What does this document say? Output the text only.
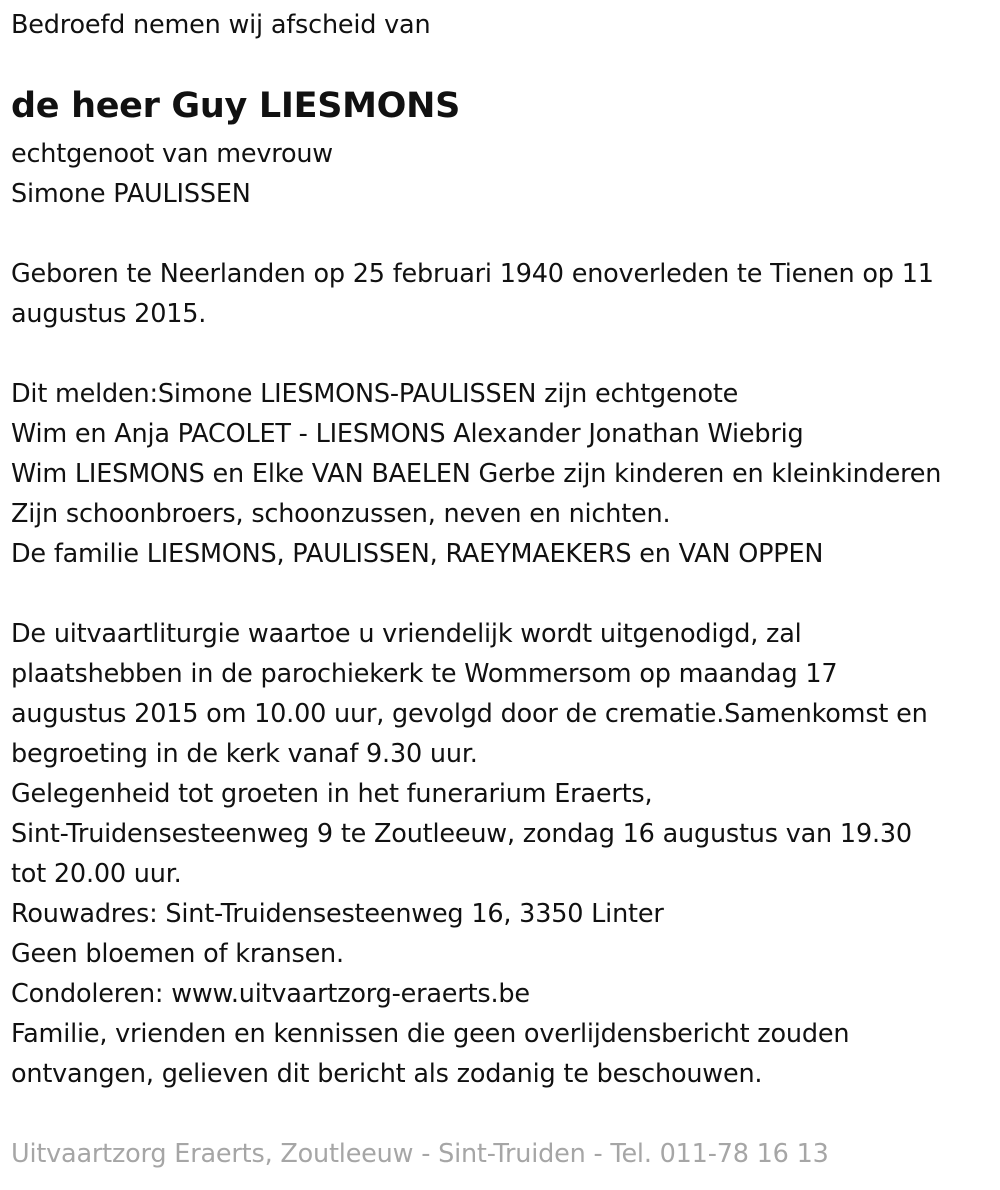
Bedroefd nemen wij afscheid van
de heer Guy LIESMONS
echtgenoot van mevrouw
Simone PAULISSEN
Geboren te Neerlanden op 25 februari 1940 enoverleden te Tienen op 11
augustus 2015.
Dit melden:Simone LIESMONS-PAULISSEN zijn echtgenote
Wim en Anja PACOLET - LIESMONS Alexander Jonathan Wiebrig
Wim LIESMONS en Elke VAN BAELEN Gerbe zijn kinderen en kleinkinderen
Zijn schoonbroers, schoonzussen, neven en nichten.
De familie LIESMONS, PAULISSEN, RAEYMAEKERS en VAN OPPEN
De uitvaartliturgie waartoe u vriendelijk wordt uitgenodigd, zal
plaatshebben in de parochiekerk te Wommersom op maandag 17
augustus 2015 om 10.00 uur, gevolgd door de crematie.Samenkomst en
begroeting in de kerk vanaf 9.30 uur.
Gelegenheid tot groeten in het funerarium Eraerts,
Sint-Truidensesteenweg 9 te Zoutleeuw, zondag 16 augustus van 19.30
tot 20.00 uur.
Rouwadres: Sint-Truidensesteenweg 16, 3350 Linter
Geen bloemen of kransen.
Condoleren: www.uitvaartzorg-eraerts.be
Familie, vrienden en kennissen die geen overlijdensbericht zouden
ontvangen, gelieven dit bericht als zodanig te beschouwen.
Uitvaartzorg Eraerts, Zoutleeuw - Sint-Truiden - Tel. 011-78 16 13
